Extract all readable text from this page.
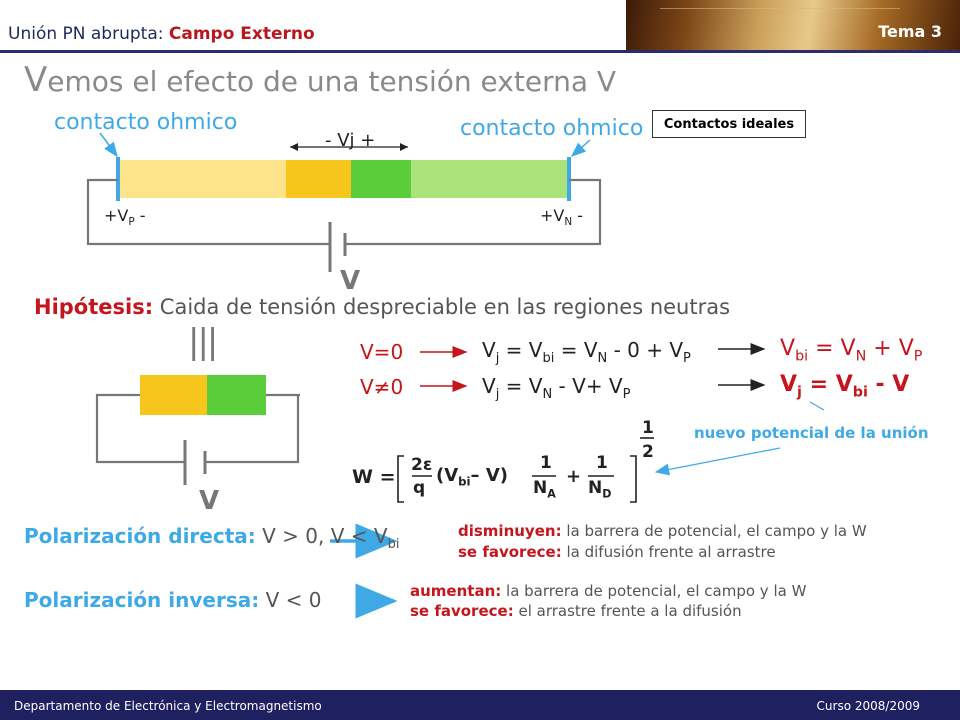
Unión PN abrupta: Campo Externo	Tema 3
Vemos el efecto de una tensión externa V
contacto ohmico	contacto ohmico	Contactos ideales
- Vj +
$+V_P$ -	$+V_N$ -
V
Hipótesis: Caida de tensión despreciable en las regiones neutras
|||
V
V=0
V≠0
$V_j = V_{bi} = V_N - 0 + V_P$
$V_j = V_N - V+ V_P$
$V_{bi} = V_N + V_P$
$V_j = V_{bi} - V$
nuevo potencial de la unión
W =
2ε
q
($V_{bi}-$ V)
1
$N_A$
+
1
$N_D$
1
2
Polarización directa: V > 0, $V < V_{bi}$
disminuyen: la barrera de potencial, el campo y la W
se favorece: la difusión frente al arrastre
Polarización inversa: V < 0	aumentan: la barrera de potencial, el campo y la W
se favorece: el arrastre frente a la difusión
Departamento de Electrónica y Electromagnetismo	Curso 2008/2009
